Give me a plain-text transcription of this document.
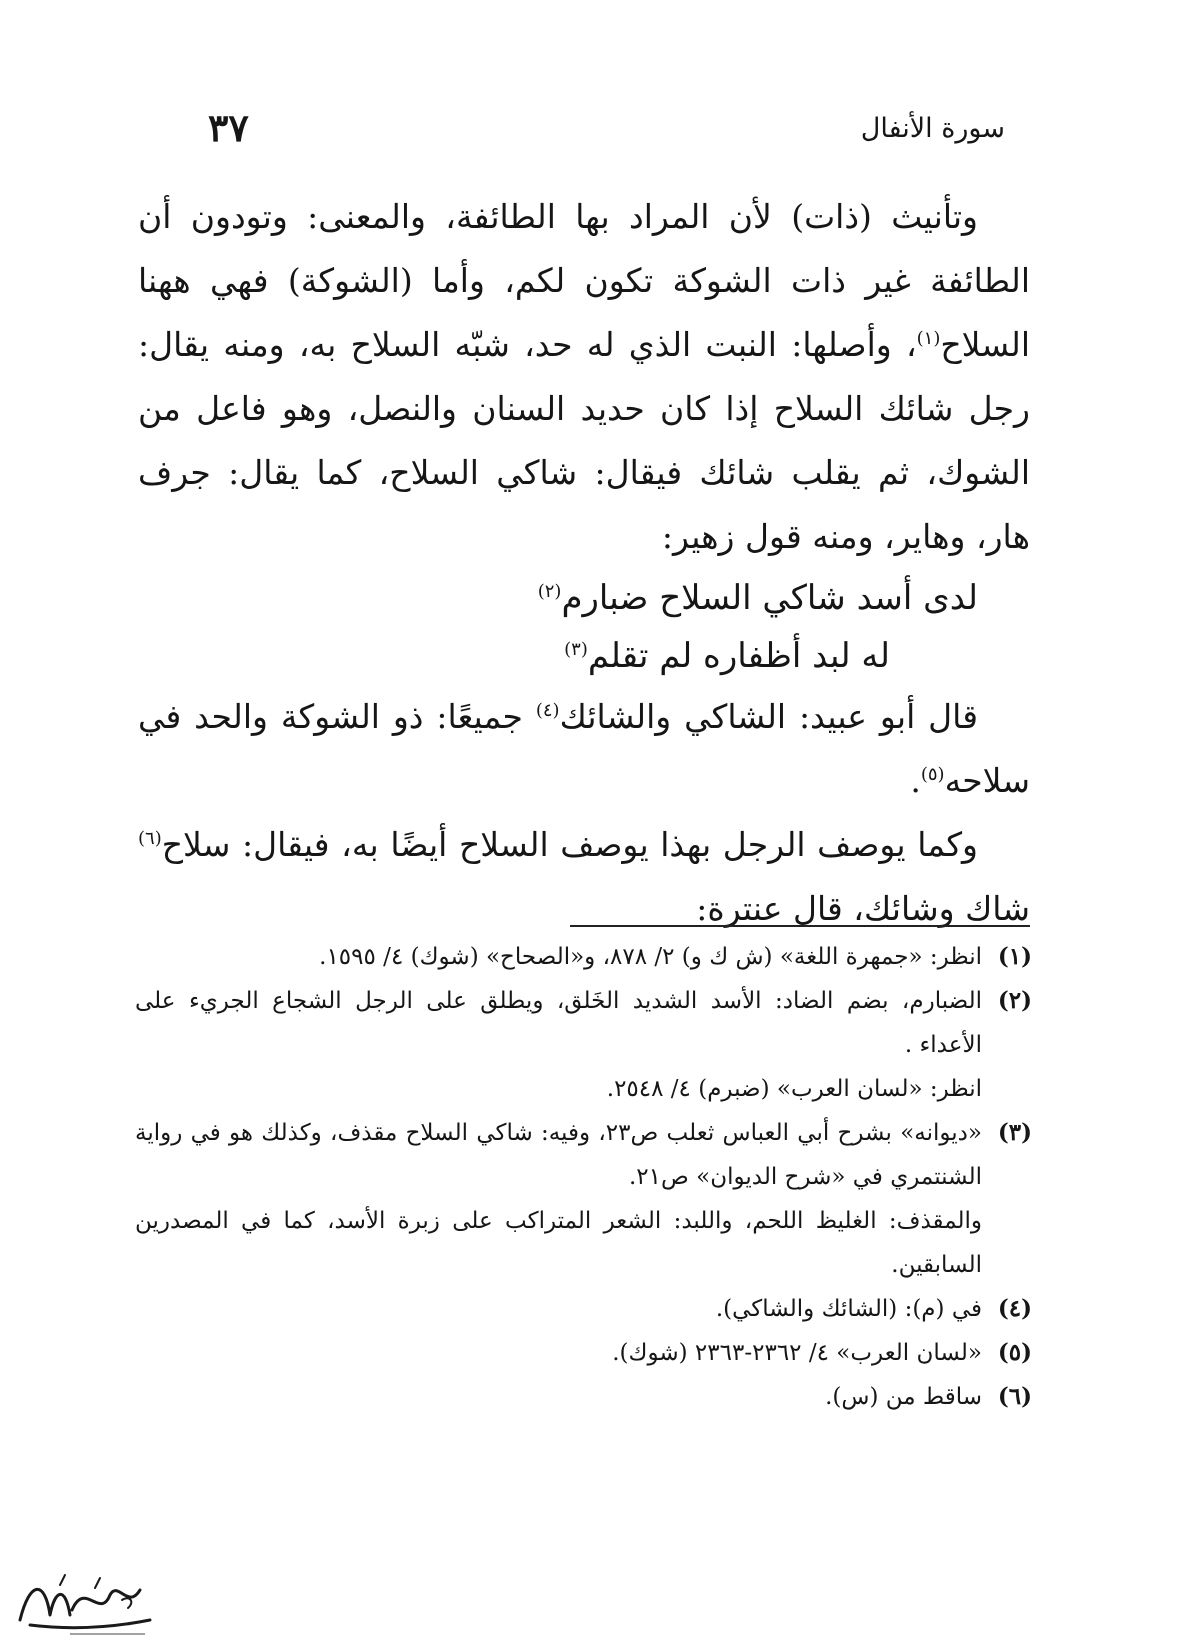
سورة الأنفال
٣٧

وتأنيث (ذات) لأن المراد بها الطائفة، والمعنى: وتودون أن الطائفة غير ذات الشوكة تكون لكم، وأما (الشوكة) فهي ههنا السلاح$^{(١)}$، وأصلها: النبت الذي له حد، شبّه السلاح به، ومنه يقال: رجل شائك السلاح إذا كان حديد السنان والنصل، وهو فاعل من الشوك، ثم يقلب شائك فيقال: شاكي السلاح، كما يقال: جرف هار، وهاير، ومنه قول زهير:

لدى أسد شاكي السلاح ضبارم$^{(٢)}$

له لبد أظفاره لم تقلم$^{(٣)}$

قال أبو عبيد: الشاكي والشائك$^{(٤)}$ جميعًا: ذو الشوكة والحد في سلاحه$^{(٥)}$.

وكما يوصف الرجل بهذا يوصف السلاح أيضًا به، فيقال: سلاح$^{(٦)}$ شاك وشائك، قال عنترة:

(١)

انظر: «جمهرة اللغة» (ش ك و) ٢/ ٨٧٨، و«الصحاح» (شوك) ٤/ ١٥٩٥.

(٢)

الضبارم، بضم الضاد: الأسد الشديد الخَلق، ويطلق على الرجل الشجاع الجريء على الأعداء .

انظر: «لسان العرب» (ضبرم) ٤/ ٢٥٤٨.

(٣)

«ديوانه» بشرح أبي العباس ثعلب ص٢٣، وفيه: شاكي السلاح مقذف، وكذلك هو في رواية الشنتمري في «شرح الديوان» ص٢١.

والمقذف: الغليظ اللحم، واللبد: الشعر المتراكب على زبرة الأسد، كما في المصدرين السابقين.

(٤)

في (م): (الشائك والشاكي).

(٥)

«لسان العرب» ٤/ ٢٣٦٢-٢٣٦٣ (شوك).

(٦)

ساقط من (س).
